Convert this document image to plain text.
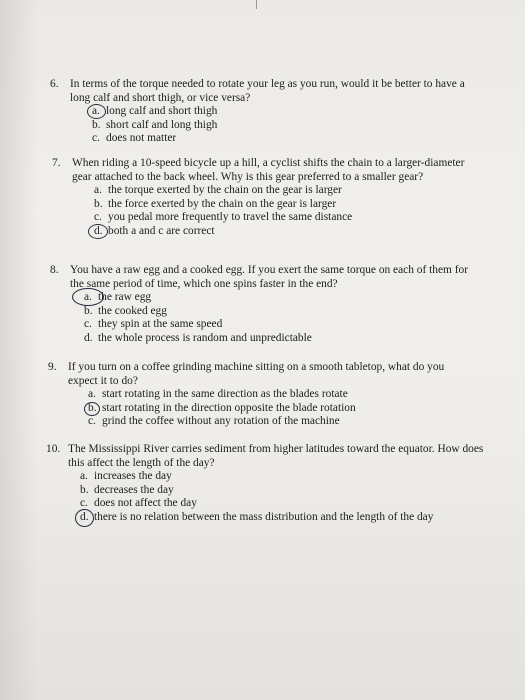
6.	In terms of the torque needed to rotate your leg as you run, would it be better to have a long calf and short thigh, or vice versa?
a. long calf and short thigh
b. short calf and long thigh
c. does not matter
7.	When riding a 10-speed bicycle up a hill, a cyclist shifts the chain to a larger-diameter gear attached to the back wheel. Why is this gear preferred to a smaller gear?
a. the torque exerted by the chain on the gear is larger
b. the force exerted by the chain on the gear is larger
c. you pedal more frequently to travel the same distance
d. both a and c are correct
8.	You have a raw egg and a cooked egg. If you exert the same torque on each of them for the same period of time, which one spins faster in the end?
a. the raw egg
b. the cooked egg
c. they spin at the same speed
d. the whole process is random and unpredictable
9.	If you turn on a coffee grinding machine sitting on a smooth tabletop, what do you expect it to do?
a. start rotating in the same direction as the blades rotate
b. start rotating in the direction opposite the blade rotation
c. grind the coffee without any rotation of the machine
10. The Mississippi River carries sediment from higher latitudes toward the equator. How does this affect the length of the day?
a. increases the day
b. decreases the day
c. does not affect the day
d. there is no relation between the mass distribution and the length of the day
